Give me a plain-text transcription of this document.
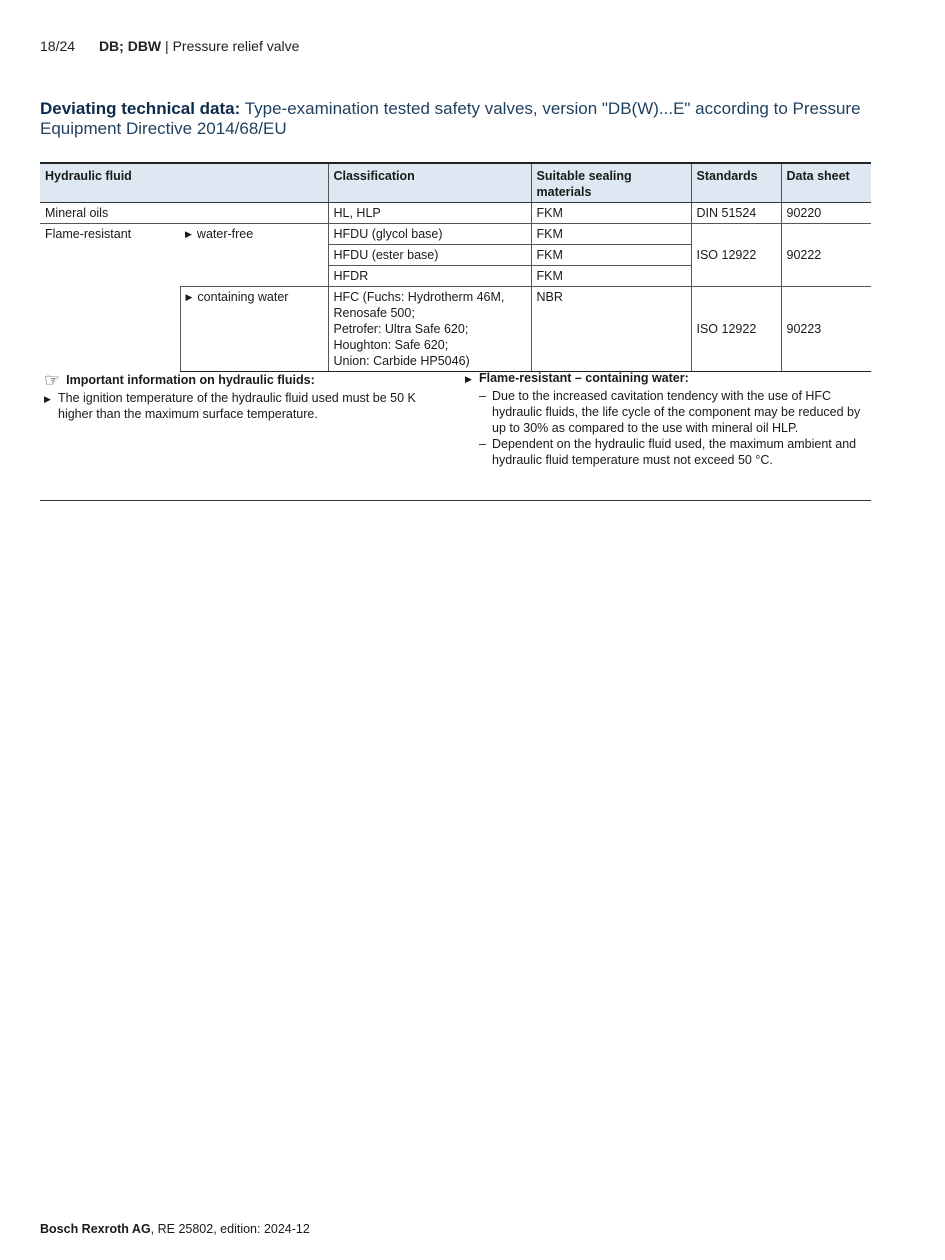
18/24 DB; DBW | Pressure relief valve
Deviating technical data: Type-examination tested safety valves, version "DB(W)...E" according to Pressure Equipment Directive 2014/68/EU
Hydraulic fluid		Classification	Suitable sealing materials	Standards	Data sheet
Mineral oils		HL, HLP	FKM	DIN 51524	90220
Flame-resistant	▶ water-free	HFDU (glycol base)	FKM	ISO 12922	90222
		HFDU (ester base)	FKM		
		HFDR	FKM		
	▶ containing water	HFC (Fuchs: Hydrotherm 46M,
Renosafe 500;
Petrofer: Ultra Safe 620;
Houghton: Safe 620;
Union: Carbide HP5046)	NBR	ISO 12922	90223
☞ Important information on hydraulic fluids:
▶ The ignition temperature of the hydraulic fluid used must be 50 K higher than the maximum surface temperature.
▶ Flame-resistant – containing water:
– Due to the increased cavitation tendency with the use of HFC hydraulic fluids, the life cycle of the component may be reduced by up to 30% as compared to the use with mineral oil HLP.
– Dependent on the hydraulic fluid used, the maximum ambient and hydraulic fluid temperature must not exceed 50 °C.
Bosch Rexroth AG, RE 25802, edition: 2024-12
